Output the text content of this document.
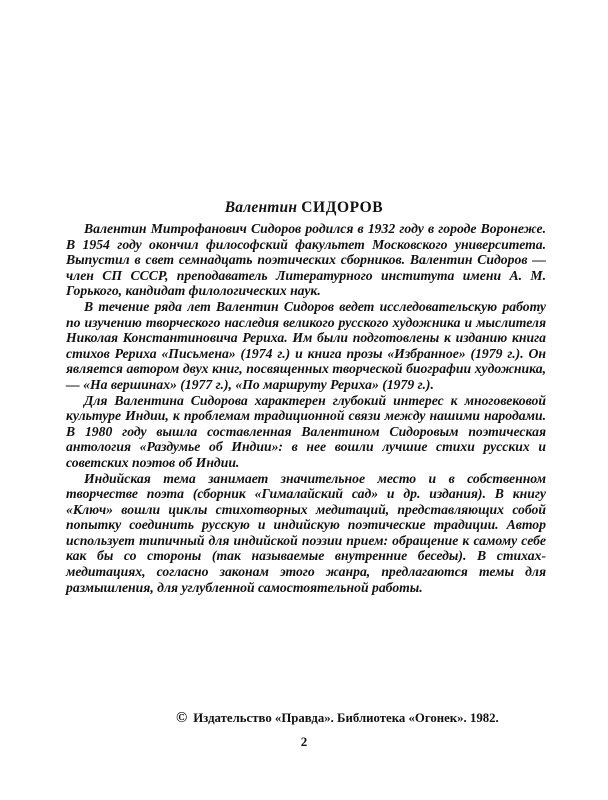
Валентин СИДОРОВ

Валентин Митрофанович Сидоров родился в 1932 году в городе Воронеже. В 1954 году окончил философский факультет Московского университета. Выпустил в свет семнадцать поэтических сборников. Валентин Сидоров — член СП СССР, преподаватель Литературного института имени А. М. Горького, кандидат филологических наук.

В течение ряда лет Валентин Сидоров ведет исследовательскую работу по изучению творческого наследия великого русского художника и мыслителя Николая Константиновича Рериха. Им были подготовлены к изданию книга стихов Рериха «Письмена» (1974 г.) и книга прозы «Избранное» (1979 г.). Он является автором двух книг, посвященных творческой биографии художника,— «На вершинах» (1977 г.), «По маршруту Рериха» (1979 г.).

Для Валентина Сидорова характерен глубокий интерес к многовековой культуре Индии, к проблемам традиционной связи между нашими народами. В 1980 году вышла составленная Валентином Сидоровым поэтическая антология «Раздумье об Индии»: в нее вошли лучшие стихи русских и советских поэтов об Индии.

Индийская тема занимает значительное место и в собственном творчестве поэта (сборник «Гималайский сад» и др. издания). В книгу «Ключ» вошли циклы стихотворных медитаций, представляющих собой попытку соединить русскую и индийскую поэтические традиции. Автор использует типичный для индийской поэзии прием: обращение к самому себе как бы со стороны (так называемые внутренние беседы). В стихах-медитациях, согласно законам этого жанра, предлагаются темы для размышления, для углубленной самостоятельной работы.

© Издательство «Правда». Библиотека «Огонек». 1982.
2
